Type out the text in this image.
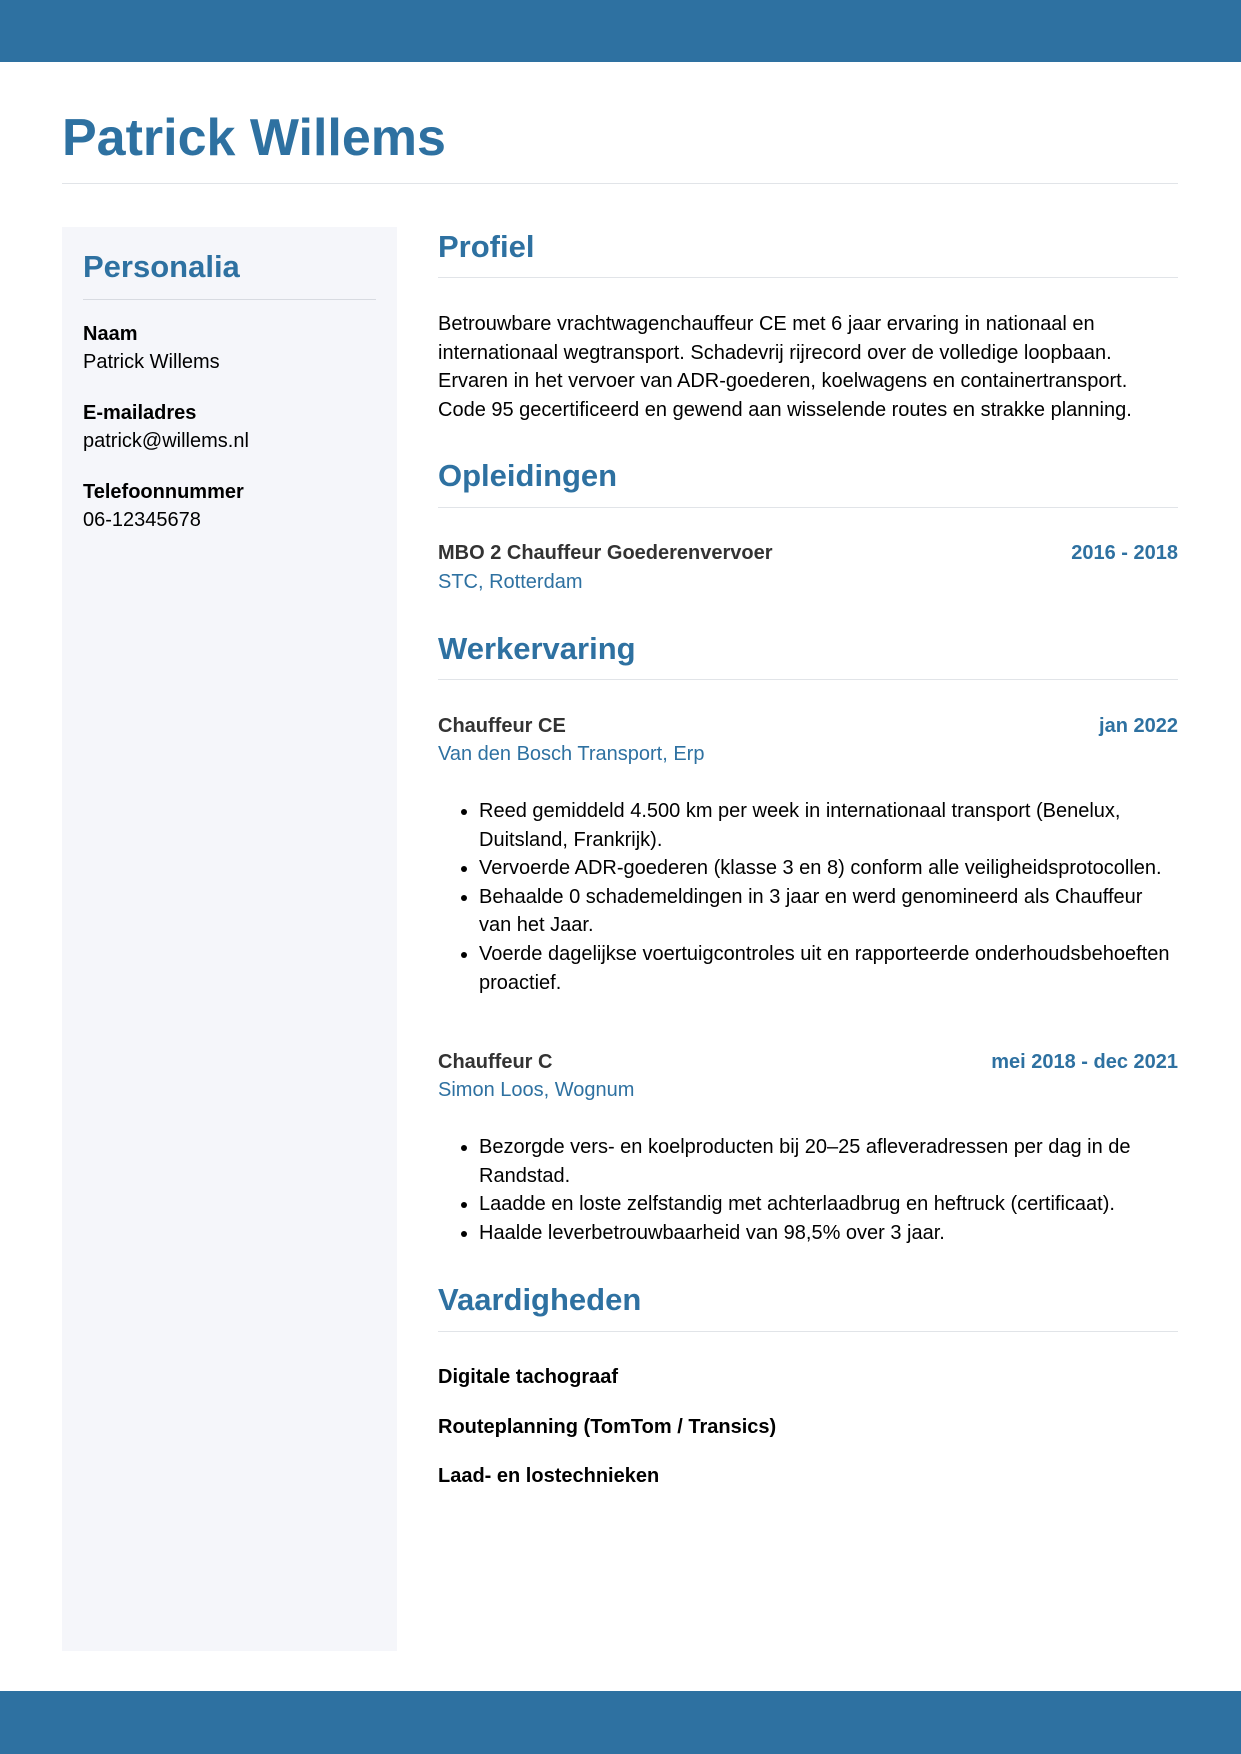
Patrick Willems
Personalia
Naam
Patrick Willems
E-mailadres
patrick@willems.nl
Telefoonnummer
06-12345678
Profiel

Betrouwbare vrachtwagenchauffeur CE met 6 jaar ervaring in nationaal en internationaal wegtransport. Schadevrij rijrecord over de volledige loopbaan. Ervaren in het vervoer van ADR-goederen, koelwagens en containertransport. Code 95 gecertificeerd en gewend aan wisselende routes en strakke planning.

Opleidingen
MBO 2 Chauffeur Goederenvervoer	2016 - 2018
STC, Rotterdam
Werkervaring
Chauffeur CE	jan 2022
Van den Bosch Transport, Erp
• Reed gemiddeld 4.500 km per week in internationaal transport (Benelux, Duitsland, Frankrijk).
• Vervoerde ADR-goederen (klasse 3 en 8) conform alle veiligheidsprotocollen.
• Behaalde 0 schademeldingen in 3 jaar en werd genomineerd als Chauffeur van het Jaar.
• Voerde dagelijkse voertuigcontroles uit en rapporteerde onderhoudsbehoeften proactief.
Chauffeur C	mei 2018 - dec 2021
Simon Loos, Wognum
• Bezorgde vers- en koelproducten bij 20–25 afleveradressen per dag in de Randstad.
• Laadde en loste zelfstandig met achterlaadbrug en heftruck (certificaat).
• Haalde leverbetrouwbaarheid van 98,5% over 3 jaar.
Vaardigheden
Digitale tachograaf
Routeplanning (TomTom / Transics)
Laad- en lostechnieken
